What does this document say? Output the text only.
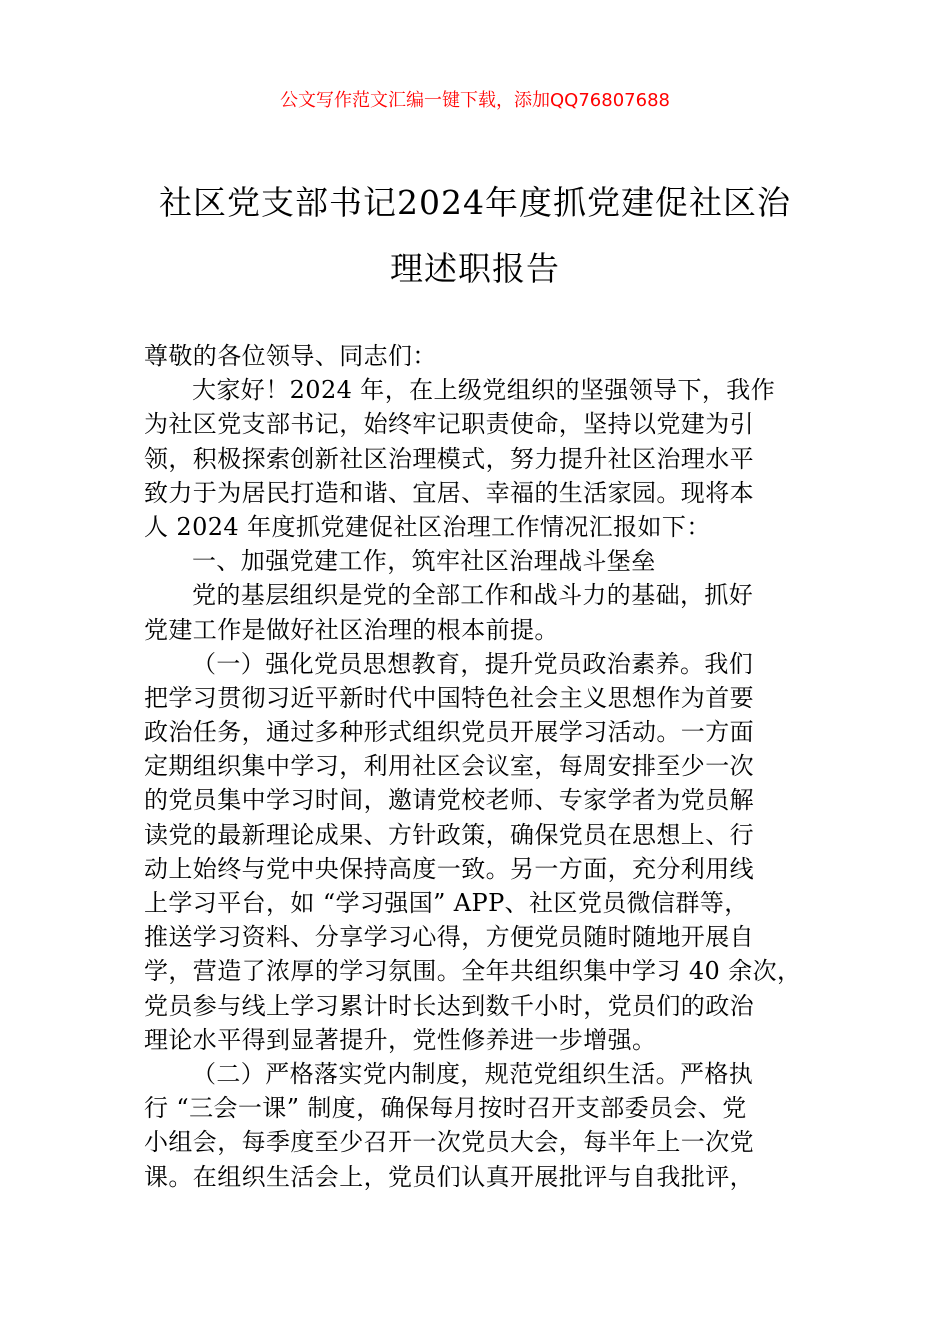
公文写作范文汇编一键下载，添加QQ76807688
社区党支部书记2024年度抓党建促社区治
理述职报告
尊敬的各位领导、同志们：
大家好！2024 年，在上级党组织的坚强领导下，我作
为社区党支部书记，始终牢记职责使命，坚持以党建为引
领，积极探索创新社区治理模式，努力提升社区治理水平
致力于为居民打造和谐、宜居、幸福的生活家园。现将本
人 2024 年度抓党建促社区治理工作情况汇报如下：
一、加强党建工作，筑牢社区治理战斗堡垒
党的基层组织是党的全部工作和战斗力的基础，抓好
党建工作是做好社区治理的根本前提。
（一）强化党员思想教育，提升党员政治素养。我们
把学习贯彻习近平新时代中国特色社会主义思想作为首要
政治任务，通过多种形式组织党员开展学习活动。一方面
定期组织集中学习，利用社区会议室，每周安排至少一次
的党员集中学习时间，邀请党校老师、专家学者为党员解
读党的最新理论成果、方针政策，确保党员在思想上、行
动上始终与党中央保持高度一致。另一方面，充分利用线
上学习平台，如 “学习强国” APP、社区党员微信群等，
推送学习资料、分享学习心得，方便党员随时随地开展自
学，营造了浓厚的学习氛围。全年共组织集中学习 40 余次，
党员参与线上学习累计时长达到数千小时，党员们的政治
理论水平得到显著提升，党性修养进一步增强。
（二）严格落实党内制度，规范党组织生活。严格执
行 “三会一课” 制度，确保每月按时召开支部委员会、党
小组会，每季度至少召开一次党员大会，每半年上一次党
课。在组织生活会上，党员们认真开展批评与自我批评，
